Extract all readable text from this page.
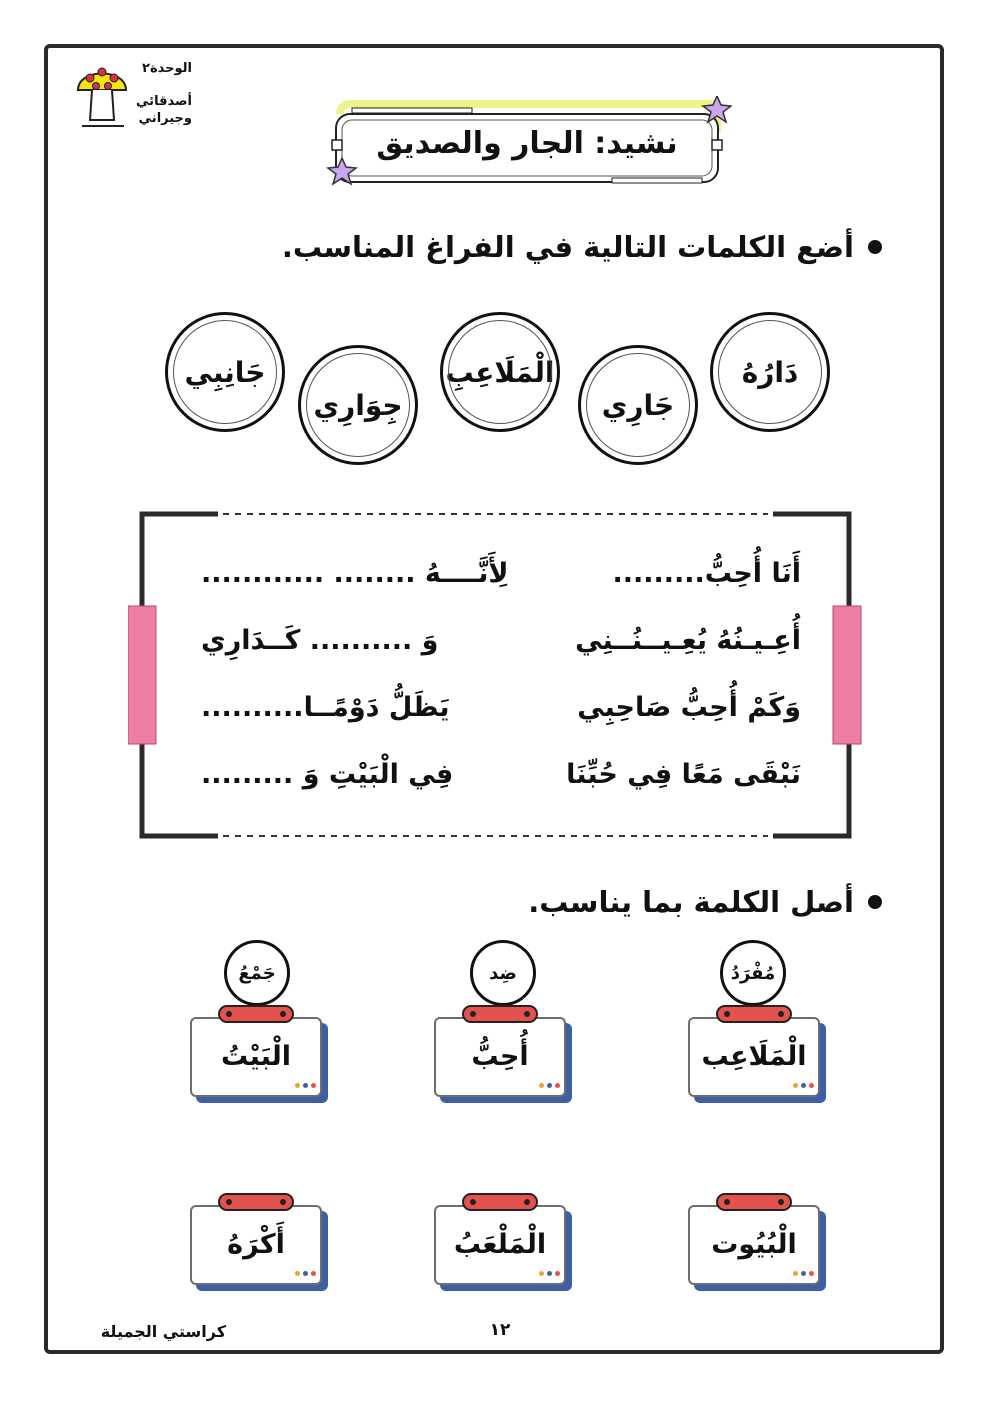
الوحدة٢
أصدقائي
وجيراني
نشيد: الجار والصديق
أضع الكلمات التالية في الفراغ المناسب.
دَارُهُ
جَارِي
الْمَلَاعِبِ
جِوَارِي
جَانِبِي
أَنَا أُحِبُّ.........
لِأَنَّــــهُ ........ ............
أُعِـيـنُهُ يُعِـيــنُــنِي
وَ .......... كَــدَارِي
وَكَمْ أُحِبُّ صَاحِبِي
يَظَلُّ دَوْمًــا..........
نَبْقَى مَعًا فِي حُبِّنَا
فِي الْبَيْتِ وَ .........
أصل الكلمة بما يناسب.
مُفْرَدُ
ضِد
جَمْعُ
الْمَلَاعِب
أُحِبُّ
الْبَيْتُ
الْبُيُوت
الْمَلْعَبُ
أَكْرَهُ
كراستي الجميلة	١٢
